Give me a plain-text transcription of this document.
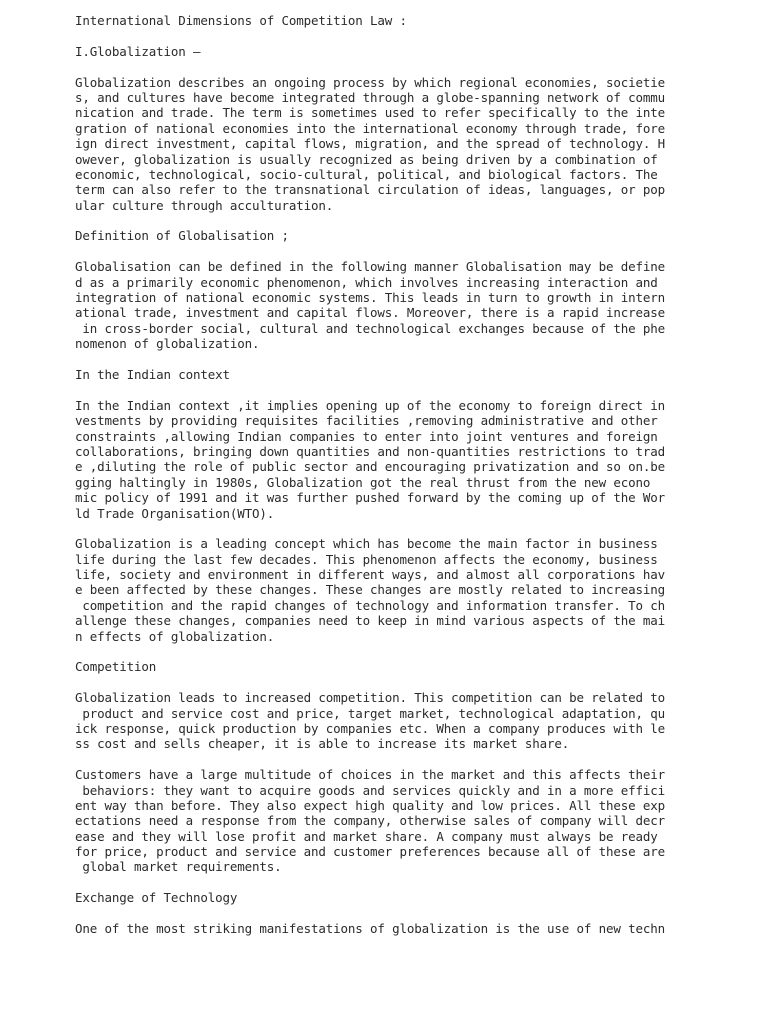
International Dimensions of Competition Law :
I.Globalization –
Globalization describes an ongoing process by which regional economies, societie
s, and cultures have become integrated through a globe-spanning network of commu
nication and trade. The term is sometimes used to refer specifically to the inte
gration of national economies into the international economy through trade, fore
ign direct investment, capital flows, migration, and the spread of technology. H
owever, globalization is usually recognized as being driven by a combination of
economic, technological, socio-cultural, political, and biological factors. The
term can also refer to the transnational circulation of ideas, languages, or pop
ular culture through acculturation.
Definition of Globalisation ;
Globalisation can be defined in the following manner Globalisation may be define
d as a primarily economic phenomenon, which involves increasing interaction and
integration of national economic systems. This leads in turn to growth in intern
ational trade, investment and capital flows. Moreover, there is a rapid increase
in cross-border social, cultural and technological exchanges because of the phe
nomenon of globalization.
In the Indian context
In the Indian context ,it implies opening up of the economy to foreign direct in
vestments by providing requisites facilities ,removing administrative and other
constraints ,allowing Indian companies to enter into joint ventures and foreign
collaborations, bringing down quantities and non-quantities restrictions to trad
e ,diluting the role of public sector and encouraging privatization and so on.be
gging haltingly in 1980s, Globalization got the real thrust from the new econo
mic policy of 1991 and it was further pushed forward by the coming up of the Wor
ld Trade Organisation(WTO).
Globalization is a leading concept which has become the main factor in business
life during the last few decades. This phenomenon affects the economy, business
life, society and environment in different ways, and almost all corporations hav
e been affected by these changes. These changes are mostly related to increasing
competition and the rapid changes of technology and information transfer. To ch
allenge these changes, companies need to keep in mind various aspects of the mai
n effects of globalization.
Competition
Globalization leads to increased competition. This competition can be related to
product and service cost and price, target market, technological adaptation, qu
ick response, quick production by companies etc. When a company produces with le
ss cost and sells cheaper, it is able to increase its market share.
Customers have a large multitude of choices in the market and this affects their
behaviors: they want to acquire goods and services quickly and in a more effici
ent way than before. They also expect high quality and low prices. All these exp
ectations need a response from the company, otherwise sales of company will decr
ease and they will lose profit and market share. A company must always be ready
for price, product and service and customer preferences because all of these are
global market requirements.
Exchange of Technology
One of the most striking manifestations of globalization is the use of new techn
